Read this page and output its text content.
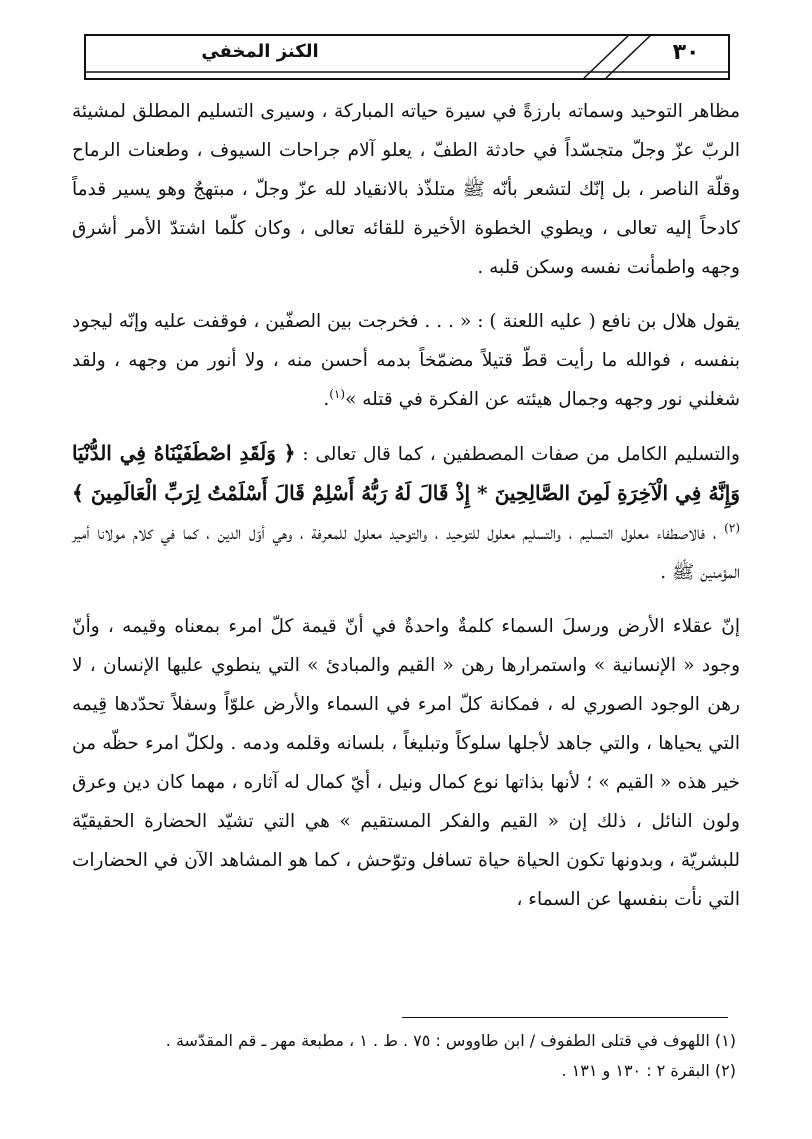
الكنز المخفي	٣٠

مظاهر التوحيد وسماته بارزةً في سيرة حياته المباركة ، وسيرى التسليم المطلق لمشيئة الربّ عزّ وجلّ متجسّداً في حادثة الطفّ ، يعلو آلام جراحات السيوف ، وطعنات الرماح وقلّة الناصر ، بل إنّك لتشعر بأنّه ﷺ متلذّذ بالانقياد لله عزّ وجلّ ، مبتهجٌ وهو يسير قدماً كادحاً إليه تعالى ، ويطوي الخطوة الأخيرة للقائه تعالى ، وكان كلّما اشتدّ الأمر أشرق وجهه واطمأنت نفسه وسكن قلبه .

يقول هلال بن نافع ( عليه اللعنة ) : « . . . فخرجت بين الصفّين ، فوقفت عليه وإنّه ليجود بنفسه ، فوالله ما رأيت قطّ قتيلاً مضمّخاً بدمه أحسن منه ، ولا أنور من وجهه ، ولقد شغلني نور وجهه وجمال هيئته عن الفكرة في قتله »$^{(١)}$.

والتسليم الكامل من صفات المصطفين ، كما قال تعالى : ﴿ وَلَقَدِ اصْطَفَيْنَاهُ فِي الدُّنْيَا وَإِنَّهُ فِي الْآخِرَةِ لَمِنَ الصَّالِحِينَ * إِذْ قَالَ لَهُ رَبُّهُ أَسْلِمْ قَالَ أَسْلَمْتُ لِرَبِّ الْعَالَمِينَ ﴾$^{(٢)}$ ، فالاصطفاء معلول التسليم ، والتسليم معلول للتوحيد ، والتوحيد معلول للمعرفة ، وهي أوّل الدين ، كما في كلام مولانا أمير المؤمنين ﷺ .

إنّ عقلاء الأرض ورسلَ السماء كلمةٌ واحدةٌ في أنّ قيمة كلّ امرء بمعناه وقيمه ، وأنّ وجود « الإنسانية » واستمرارها رهن « القيم والمبادئ » التي ينطوي عليها الإنسان ، لا رهن الوجود الصوري له ، فمكانة كلّ امرء في السماء والأرض علوّاً وسفلاً تحدّدها قِيمه التي يحياها ، والتي جاهد لأجلها سلوكاً وتبليغاً ، بلسانه وقلمه ودمه . ولكلّ امرء حظّه من خير هذه « القيم » ؛ لأنها بذاتها نوع كمال ونيل ، أيّ كمال له آثاره ، مهما كان دين وعرق ولون النائل ، ذلك إن « القيم والفكر المستقيم » هي التي تشيّد الحضارة الحقيقيّة للبشريّة ، وبدونها تكون الحياة حياة تسافل وتوّحش ، كما هو المشاهد الآن في الحضارات التي نأت بنفسها عن السماء ،

(١) اللهوف في قتلى الطفوف / ابن طاووس : ٧٥ . ط . ١ ، مطبعة مهر ـ قم المقدّسة .
(٢) البقرة ٢ : ١٣٠ و ١٣١ .
